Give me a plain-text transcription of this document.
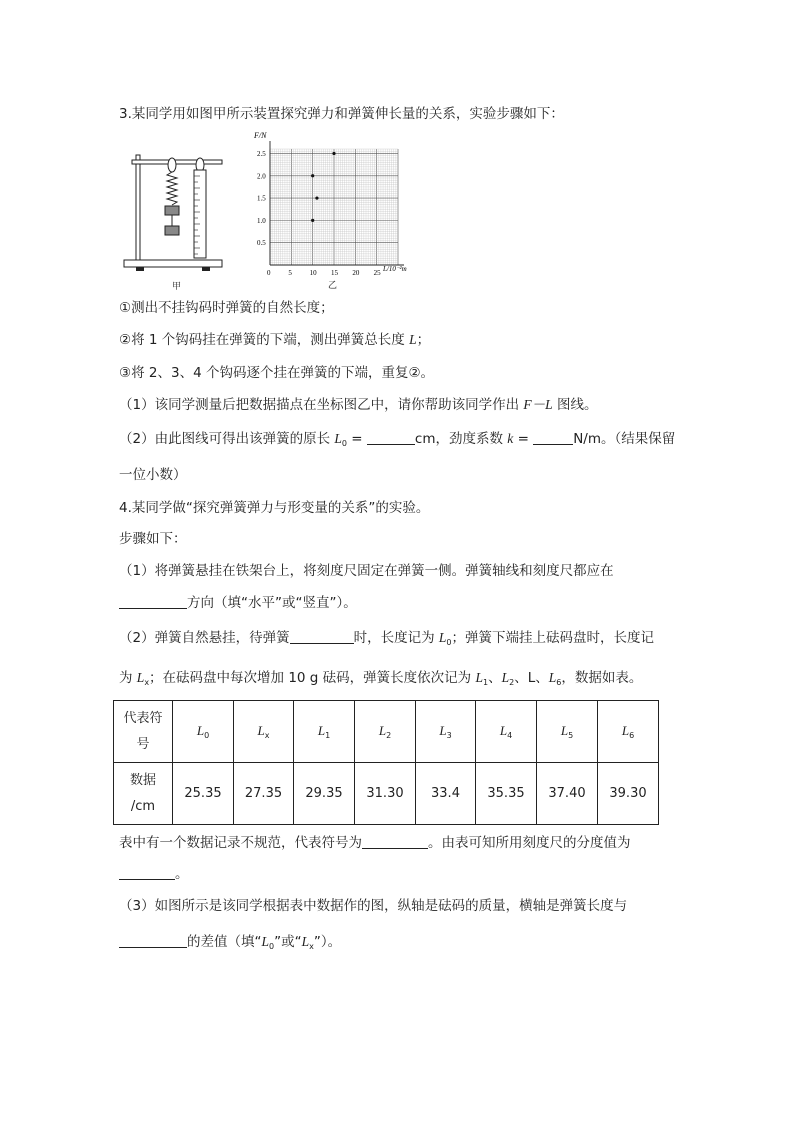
3.某同学用如图甲所示装置探究弹力和弹簧伸长量的关系，实验步骤如下：
甲
0	5	10 15 20 25
0.5
1.0
1.5
2.0
2.5
F/N
L/10⁻²m
乙
①测出不挂钩码时弹簧的自然长度；
②将 1 个钩码挂在弹簧的下端，测出弹簧总长度 L；
③将 2、3、4 个钩码逐个挂在弹簧的下端，重复②。
（1）该同学测量后把数据描点在坐标图乙中，请你帮助该同学作出 F－L 图线。
（2）由此图线可得出该弹簧的原长 $L_0$ =	cm，劲度系数 k =	N/m。（结果保留
一位小数）
4.某同学做“探究弹簧弹力与形变量的关系”的实验。
步骤如下：
（1）将弹簧悬挂在铁架台上，将刻度尺固定在弹簧一侧。弹簧轴线和刻度尺都应在
方向（填“水平”或“竖直”）。
（2）弹簧自然悬挂，待弹簧	时，长度记为 $L_0$；弹簧下端挂上砝码盘时，长度记
为 $L_x$；在砝码盘中每次增加 10 g 砝码，弹簧长度依次记为 $L_1$、$L_2$、L、$L_6$，数据如表。
代表符
号	$L_0$	$L_x$	$L_1$	$L_2$	$L_3$	$L_4$	$L_5$	$L_6$
数据
/cm	25.35	27.35	29.35	31.30	33.4	35.35	37.40	39.30
表中有一个数据记录不规范，代表符号为	。由表可知所用刻度尺的分度值为
。
（3）如图所示是该同学根据表中数据作的图，纵轴是砝码的质量，横轴是弹簧长度与
的差值（填“$L_0$”或“$L_x$”）。
